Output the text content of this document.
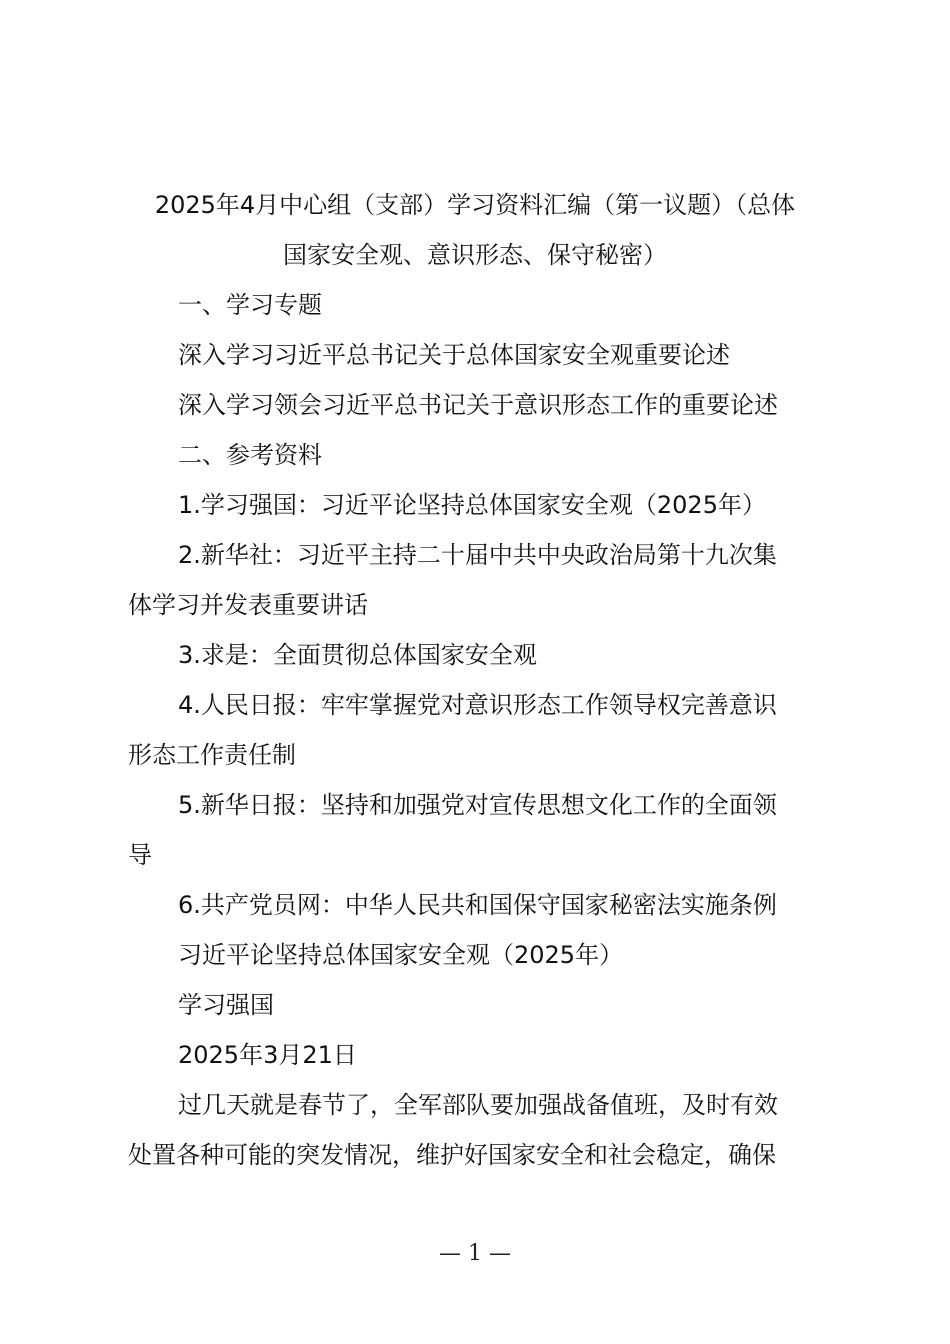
2025年4月中心组（支部）学习资料汇编（第一议题）（总体
国家安全观、意识形态、保守秘密）
一、学习专题
深入学习习近平总书记关于总体国家安全观重要论述
深入学习领会习近平总书记关于意识形态工作的重要论述
二、参考资料
1.学习强国：习近平论坚持总体国家安全观（2025年）
2.新华社：习近平主持二十届中共中央政治局第十九次集
体学习并发表重要讲话
3.求是：全面贯彻总体国家安全观
4.人民日报：牢牢掌握党对意识形态工作领导权完善意识
形态工作责任制
5.新华日报：坚持和加强党对宣传思想文化工作的全面领
导
6.共产党员网：中华人民共和国保守国家秘密法实施条例
习近平论坚持总体国家安全观（2025年）
学习强国
2025年3月21日
过几天就是春节了，全军部队要加强战备值班，及时有效
处置各种可能的突发情况，维护好国家安全和社会稳定，确保
— 1 —
